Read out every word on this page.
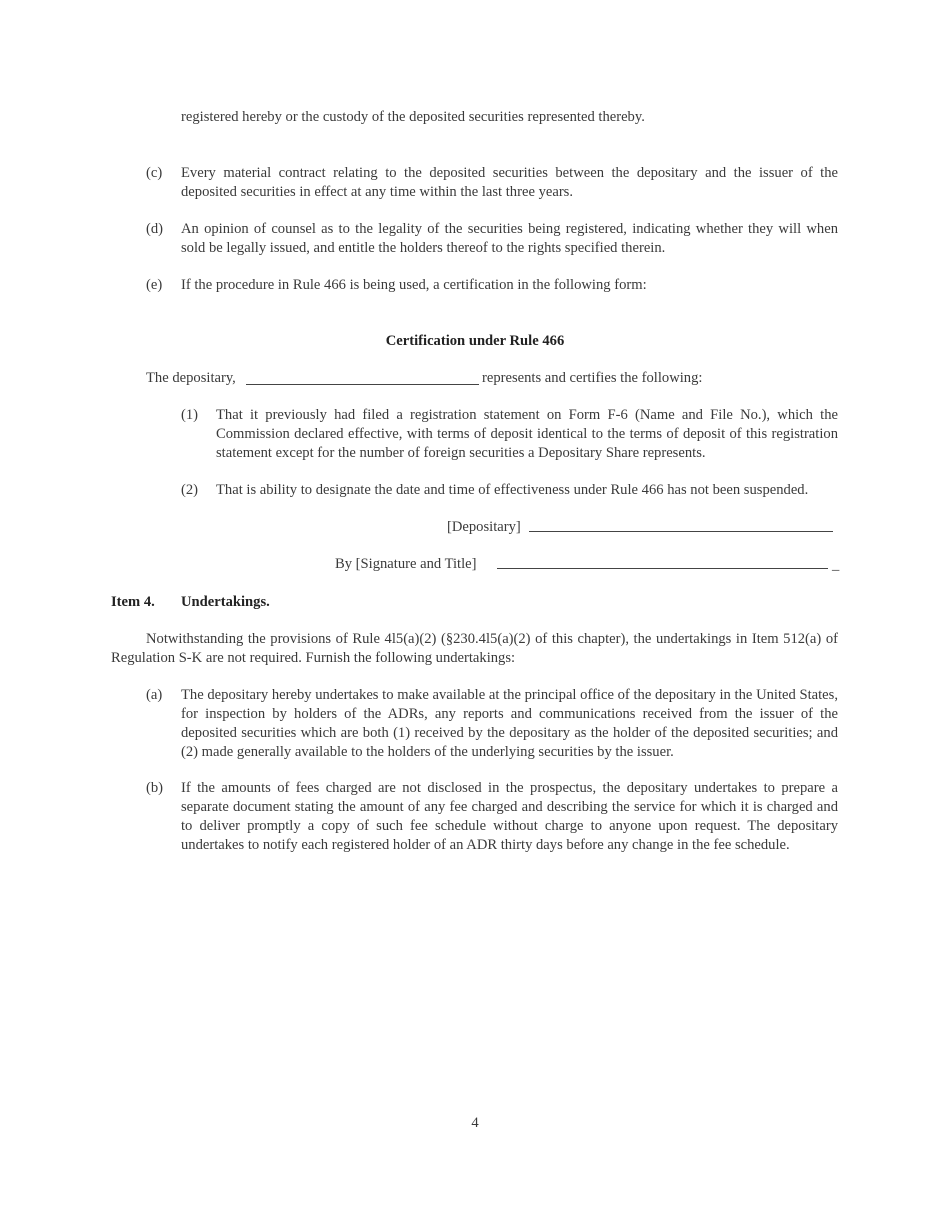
registered hereby or the custody of the deposited securities represented thereby.
(c) Every material contract relating to the deposited securities between the depositary and the issuer of the deposited securities in effect at any time within the last three years.
(d) An opinion of counsel as to the legality of the securities being registered, indicating whether they will when sold be legally issued, and entitle the holders thereof to the rights specified therein.
(e) If the procedure in Rule 466 is being used, a certification in the following form:
Certification under Rule 466
The depositary,	represents and certifies the following:
(1) That it previously had filed a registration statement on Form F-6 (Name and File No.), which the Commission declared effective, with terms of deposit identical to the terms of deposit of this registration statement except for the number of foreign securities a Depositary Share represents.
(2) That is ability to designate the date and time of effectiveness under Rule 466 has not been suspended.
[Depositary]
By [Signature and Title]	_
Item 4. Undertakings.
Notwithstanding the provisions of Rule 4l5(a)(2) (§230.4l5(a)(2) of this chapter), the undertakings in Item 512(a) of Regulation S-K are not required. Furnish the following undertakings:
(a) The depositary hereby undertakes to make available at the principal office of the depositary in the United States, for inspection by holders of the ADRs, any reports and communications received from the issuer of the deposited securities which are both (1) received by the depositary as the holder of the deposited securities; and (2) made generally available to the holders of the underlying securities by the issuer.
(b) If the amounts of fees charged are not disclosed in the prospectus, the depositary undertakes to prepare a separate document stating the amount of any fee charged and describing the service for which it is charged and to deliver promptly a copy of such fee schedule without charge to anyone upon request. The depositary undertakes to notify each registered holder of an ADR thirty days before any change in the fee schedule.
4
